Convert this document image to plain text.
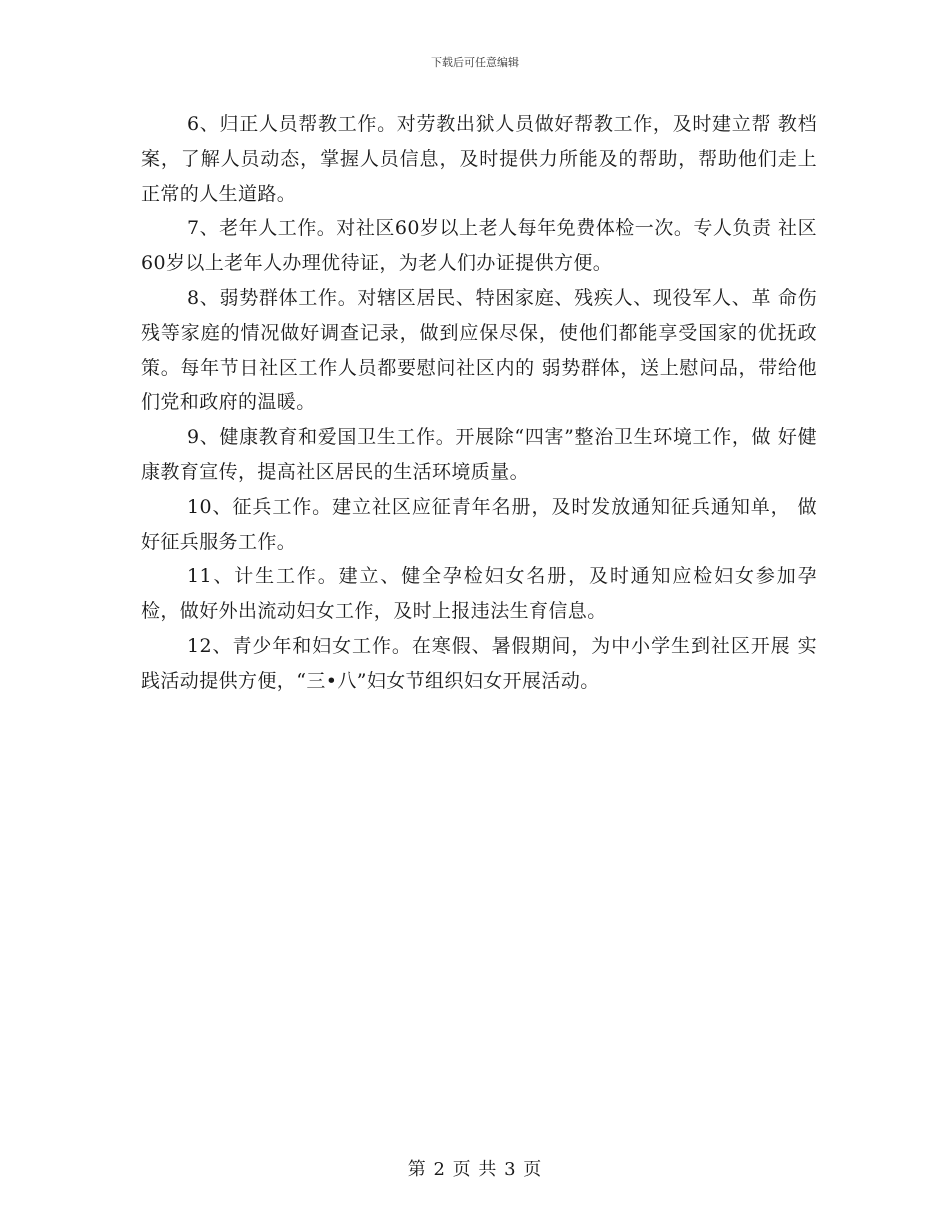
下载后可任意编辑

6、归正人员帮教工作。对劳教出狱人员做好帮教工作，及时建立帮 教档案，了解人员动态，掌握人员信息，及时提供力所能及的帮助，帮助他们走上正常的人生道路。

7、老年人工作。对社区60岁以上老人每年免费体检一次。专人负责 社区60岁以上老年人办理优待证，为老人们办证提供方便。

8、弱势群体工作。对辖区居民、特困家庭、残疾人、现役军人、革 命伤残等家庭的情况做好调查记录，做到应保尽保，使他们都能享受国家的优抚政策。每年节日社区工作人员都要慰问社区内的 弱势群体，送上慰问品，带给他们党和政府的温暖。

9、健康教育和爱国卫生工作。开展除“四害”整治卫生环境工作，做 好健康教育宣传，提高社区居民的生活环境质量。

10、征兵工作。建立社区应征青年名册，及时发放通知征兵通知单， 做好征兵服务工作。

11、计生工作。建立、健全孕检妇女名册，及时通知应检妇女参加孕 检，做好外出流动妇女工作，及时上报违法生育信息。

12、青少年和妇女工作。在寒假、暑假期间，为中小学生到社区开展 实践活动提供方便，“三•八”妇女节组织妇女开展活动。

第 2 页 共 3 页
